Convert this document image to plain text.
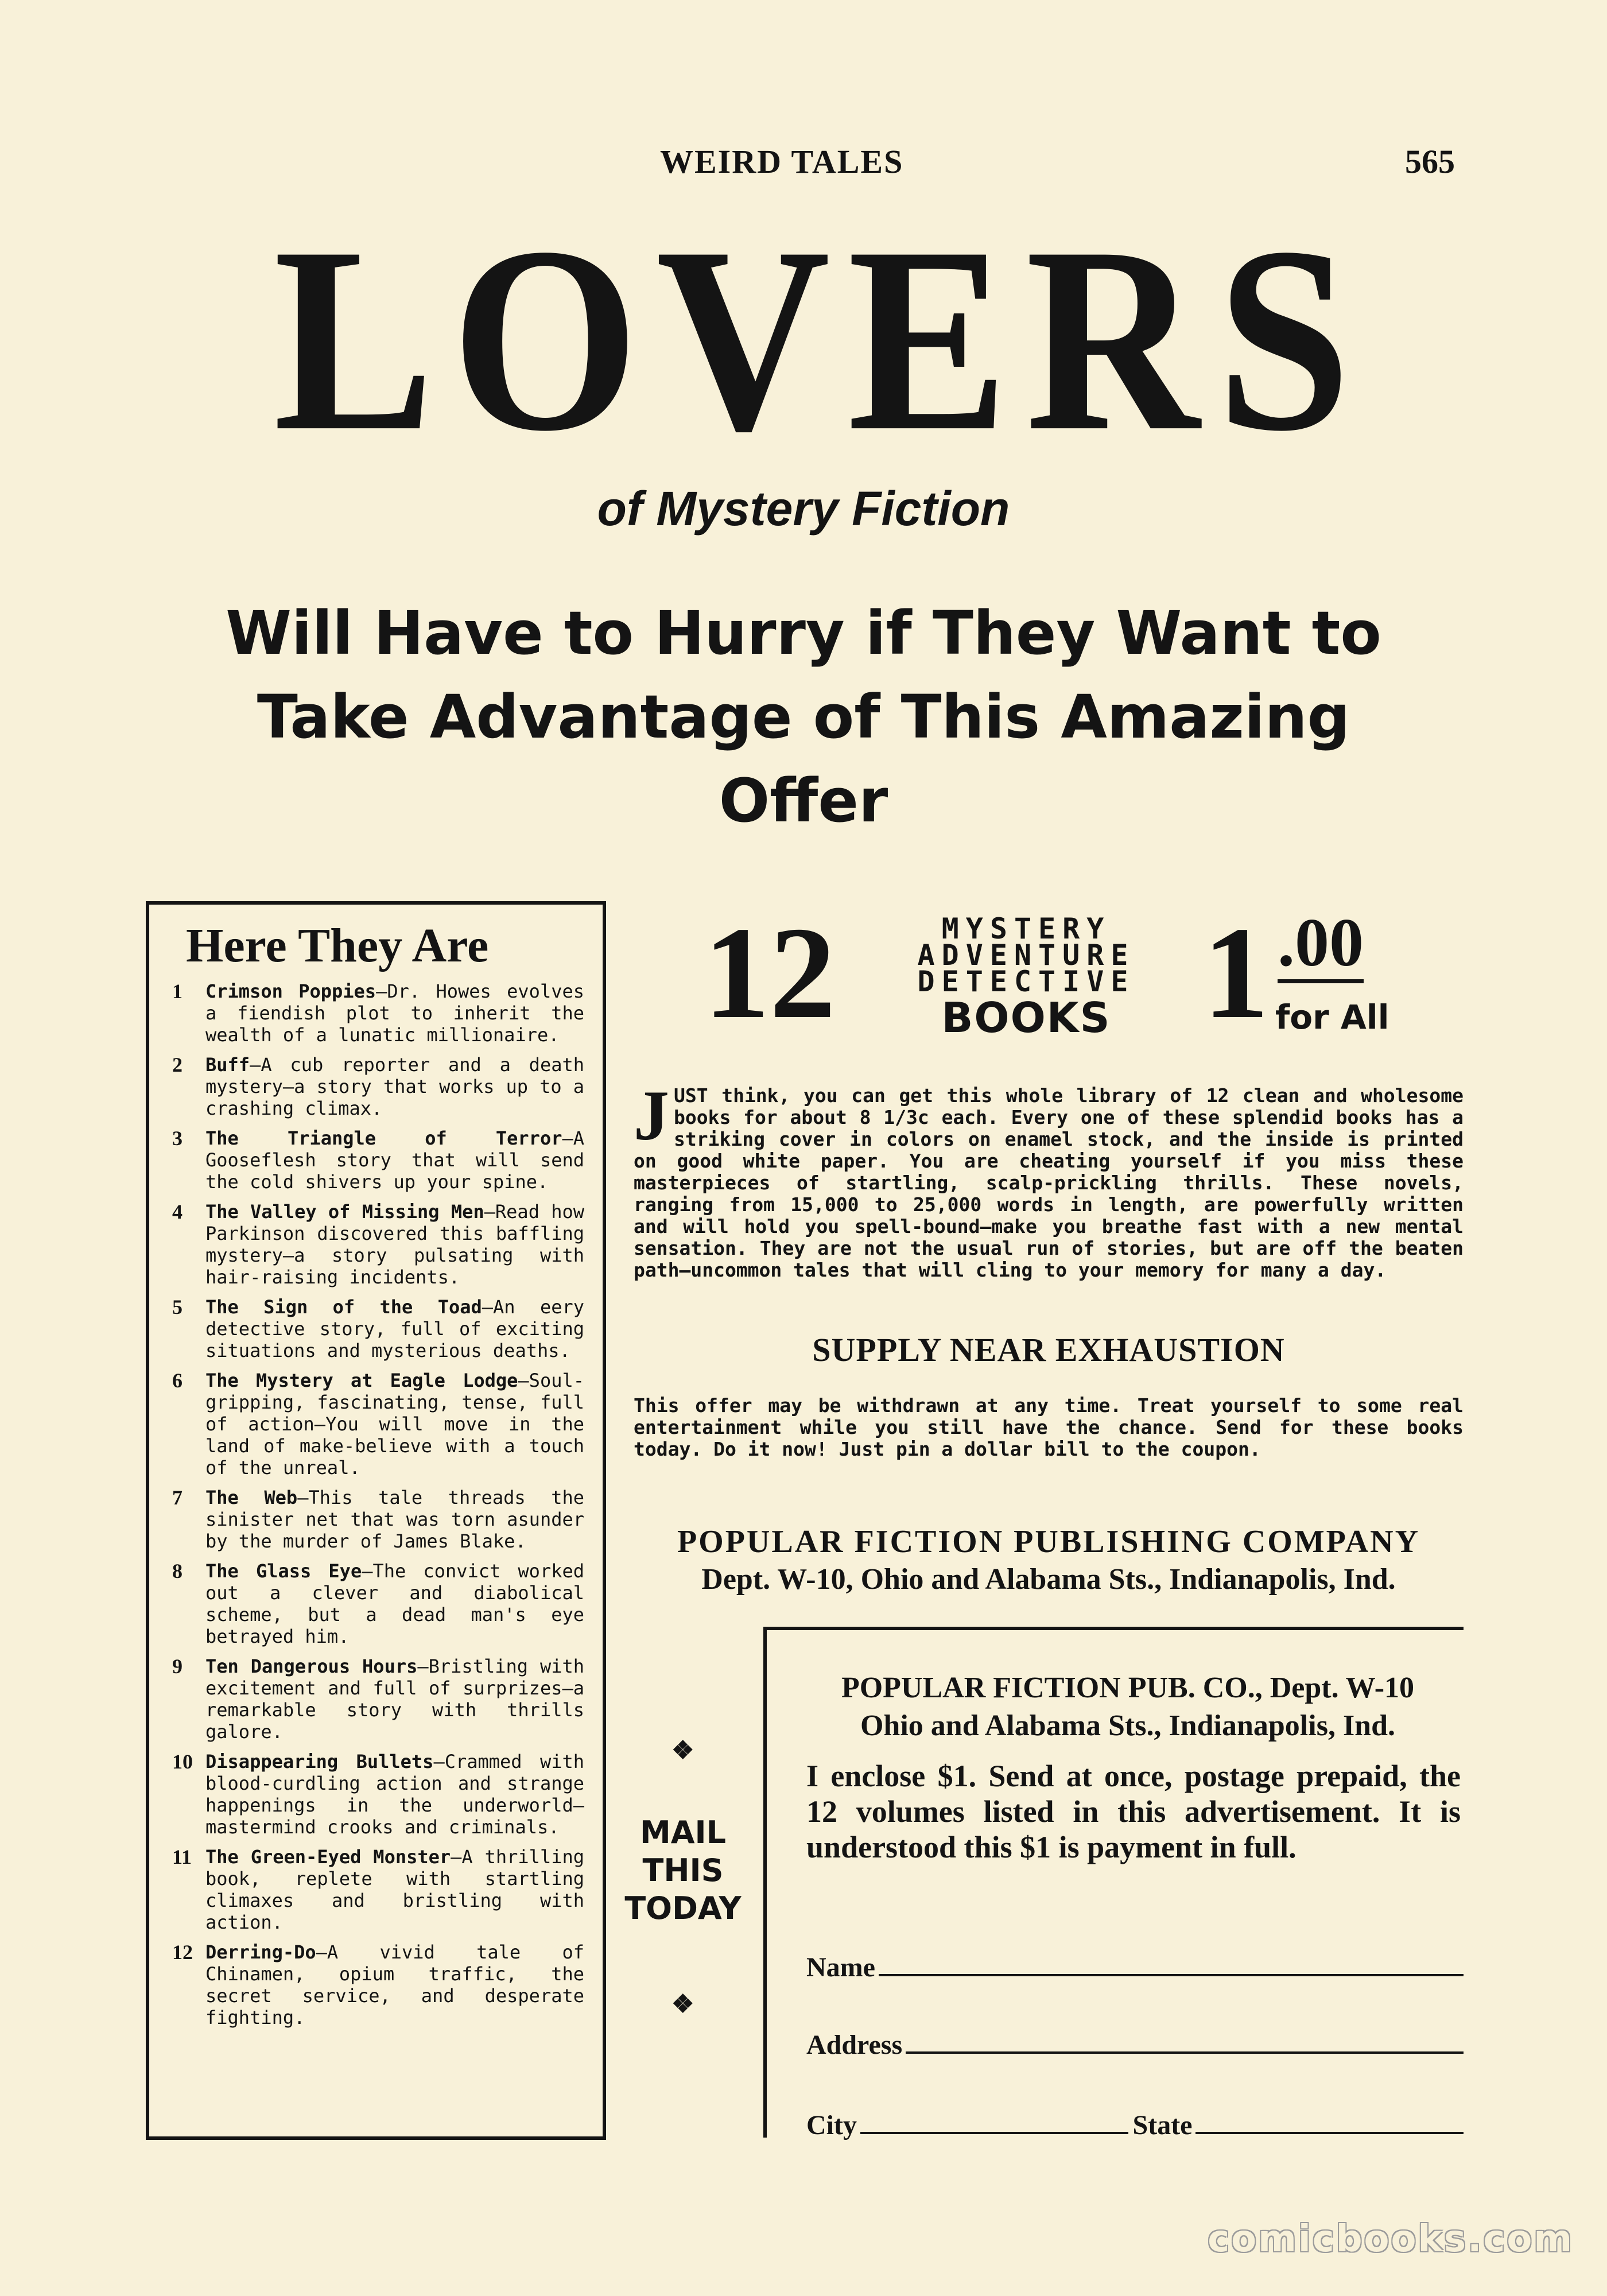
WEIRD TALES	565
LOVERS
of Mystery Fiction
Will Have to Hurry if They Want to Take Advantage of This Amazing Offer
Here They Are
1	Crimson Poppies—Dr. Howes evolves a fiendish plot to inherit the wealth of a lunatic millionaire.
2	Buff—A cub reporter and a death mystery—a story that works up to a crashing climax.
3	The Triangle of Terror—A Gooseflesh story that will send the cold shivers up your spine.
4	The Valley of Missing Men—Read how Parkinson discovered this baffling mystery—a story pulsating with hair-raising incidents.
5	The Sign of the Toad—An eery detective story, full of exciting situations and mysterious deaths.
6	The Mystery at Eagle Lodge—Soul-gripping, fascinating, tense, full of action—You will move in the land of make-believe with a touch of the unreal.
7	The Web—This tale threads the sinister net that was torn asunder by the murder of James Blake.
8	The Glass Eye—The convict worked out a clever and diabolical scheme, but a dead man's eye betrayed him.
9	Ten Dangerous Hours—Bristling with excitement and full of surprizes—a remarkable story with thrills galore.
10 Disappearing Bullets—Crammed with blood-curdling action and strange happenings in the underworld—mastermind crooks and criminals.
11 The Green-Eyed Monster—A thrilling book, replete with startling climaxes and bristling with action.
12 Derring-Do—A vivid tale of Chinamen, opium traffic, the secret service, and desperate fighting.
12	MYSTERY
ADVENTURE
DETECTIVE
BOOKS 1 .00
for All
JUST think, you can get this whole library of 12 clean and wholesome books for about 8 1/3c each. Every one of these splendid books has a striking cover in colors on enamel stock, and the inside is printed on good white paper. You are cheating yourself if you miss these masterpieces of startling, scalp-prickling thrills. These novels, ranging from 15,000 to 25,000 words in length, are powerfully written and will hold you spell-bound—make you breathe fast with a new mental sensation. They are not the usual run of stories, but are off the beaten path—uncommon tales that will cling to your memory for many a day.
SUPPLY NEAR EXHAUSTION
This offer may be withdrawn at any time. Treat yourself to some real entertainment while you still have the chance. Send for these books today. Do it now! Just pin a dollar bill to the coupon.
POPULAR FICTION PUBLISHING COMPANY
Dept. W-10, Ohio and Alabama Sts., Indianapolis, Ind.
❖
MAIL THIS TODAY
❖
POPULAR FICTION PUB. CO., Dept. W-10
Ohio and Alabama Sts., Indianapolis, Ind.
I enclose $1. Send at once, postage prepaid, the 12 volumes listed in this advertisement. It is understood this $1 is payment in full.
Name
Address
City	State
comicbooks.com
